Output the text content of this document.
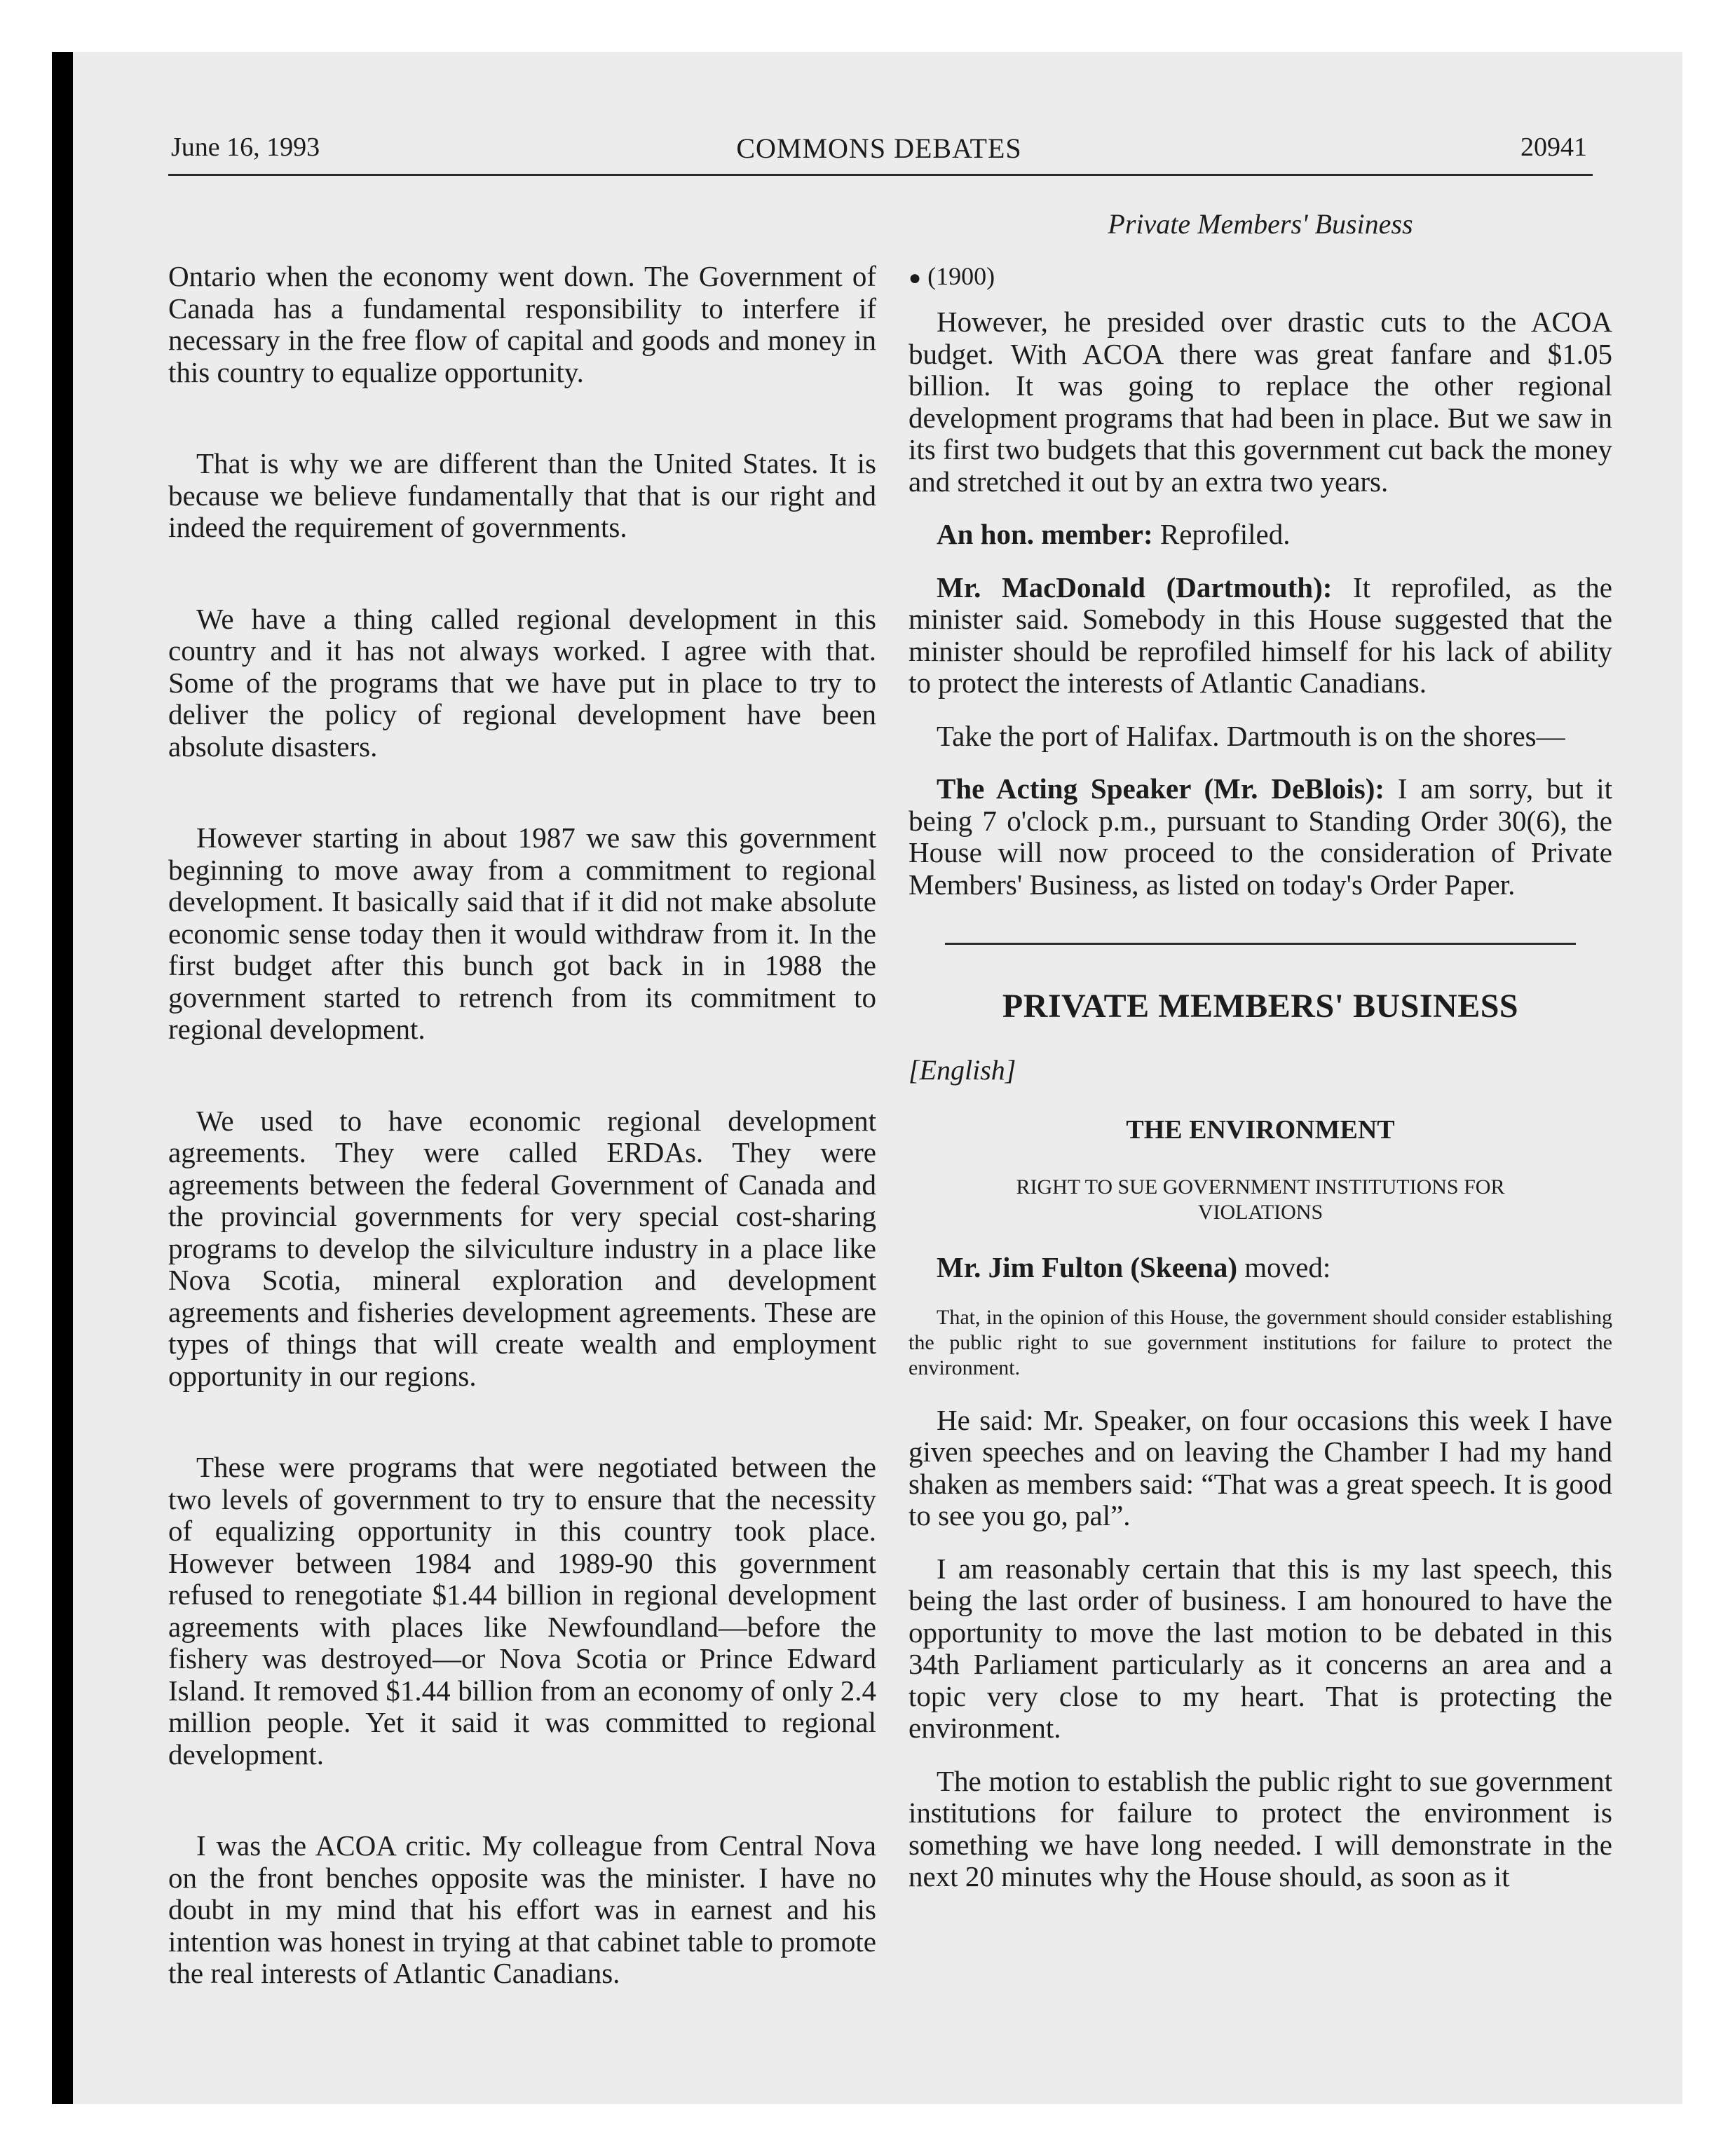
June 16, 1993	COMMONS DEBATES	20941

Ontario when the economy went down. The Government of Canada has a fundamental responsibility to interfere if necessary in the free flow of capital and goods and money in this country to equalize opportunity.

That is why we are different than the United States. It is because we believe fundamentally that that is our right and indeed the requirement of governments.

We have a thing called regional development in this country and it has not always worked. I agree with that. Some of the programs that we have put in place to try to deliver the policy of regional development have been absolute disasters.

However starting in about 1987 we saw this government beginning to move away from a commitment to regional development. It basically said that if it did not make absolute economic sense today then it would withdraw from it. In the first budget after this bunch got back in in 1988 the government started to retrench from its commitment to regional development.

We used to have economic regional development agreements. They were called ERDAs. They were agreements between the federal Government of Canada and the provincial governments for very special cost-sharing programs to develop the silviculture industry in a place like Nova Scotia, mineral exploration and development agreements and fisheries development agreements. These are types of things that will create wealth and employment opportunity in our regions.

These were programs that were negotiated between the two levels of government to try to ensure that the necessity of equalizing opportunity in this country took place. However between 1984 and 1989-90 this government refused to renegotiate $1.44 billion in regional development agreements with places like Newfoundland—before the fishery was destroyed—or Nova Scotia or Prince Edward Island. It removed $1.44 billion from an economy of only 2.4 million people. Yet it said it was committed to regional development.

I was the ACOA critic. My colleague from Central Nova on the front benches opposite was the minister. I have no doubt in my mind that his effort was in earnest and his intention was honest in trying at that cabinet table to promote the real interests of Atlantic Canadians.

Private Members' Business
● (1900)

However, he presided over drastic cuts to the ACOA budget. With ACOA there was great fanfare and $1.05 billion. It was going to replace the other regional development programs that had been in place. But we saw in its first two budgets that this government cut back the money and stretched it out by an extra two years.

An hon. member: Reprofiled.

Mr. MacDonald (Dartmouth): It reprofiled, as the minister said. Somebody in this House suggested that the minister should be reprofiled himself for his lack of ability to protect the interests of Atlantic Canadians.

Take the port of Halifax. Dartmouth is on the shores—

The Acting Speaker (Mr. DeBlois): I am sorry, but it being 7 o'clock p.m., pursuant to Standing Order 30(6), the House will now proceed to the consideration of Private Members' Business, as listed on today's Order Paper.

PRIVATE MEMBERS' BUSINESS
[English]
THE ENVIRONMENT
RIGHT TO SUE GOVERNMENT INSTITUTIONS FOR VIOLATIONS

Mr. Jim Fulton (Skeena) moved:

That, in the opinion of this House, the government should consider establishing the public right to sue government institutions for failure to protect the environment.

He said: Mr. Speaker, on four occasions this week I have given speeches and on leaving the Chamber I had my hand shaken as members said: “That was a great speech. It is good to see you go, pal”.

I am reasonably certain that this is my last speech, this being the last order of business. I am honoured to have the opportunity to move the last motion to be debated in this 34th Parliament particularly as it concerns an area and a topic very close to my heart. That is protecting the environment.

The motion to establish the public right to sue government institutions for failure to protect the environment is something we have long needed. I will demonstrate in the next 20 minutes why the House should, as soon as it
